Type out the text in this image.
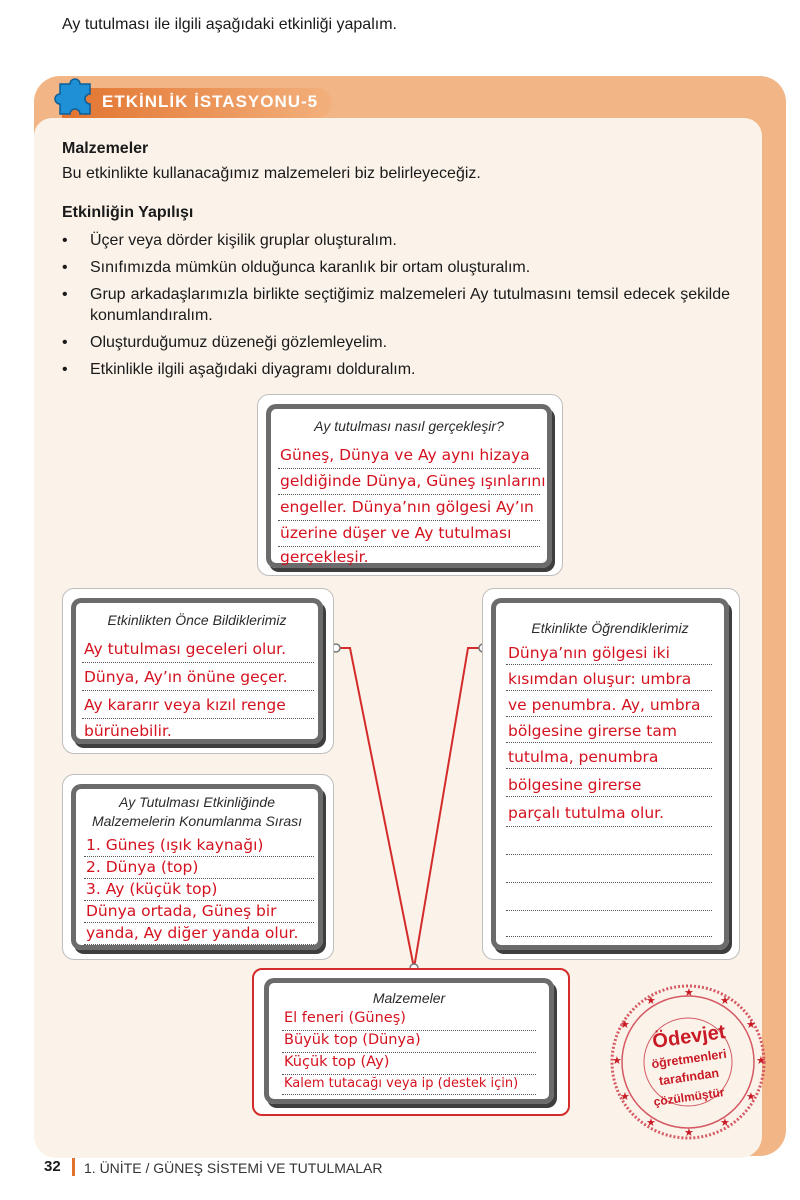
Ay tutulması ile ilgili aşağıdaki etkinliği yapalım.
ETKİNLİK İSTASYONU-5
Malzemeler
Bu etkinlikte kullanacağımız malzemeleri biz belirleyeceğiz.
Etkinliğin Yapılışı
• Üçer veya dörder kişilik gruplar oluşturalım.
• Sınıfımızda mümkün olduğunca karanlık bir ortam oluşturalım.
• Grup arkadaşlarımızla birlikte seçtiğimiz malzemeleri Ay tutulmasını temsil edecek şekilde konumlandıralım.
• Oluşturduğumuz düzeneği gözlemleyelim.
• Etkinlikle ilgili aşağıdaki diyagramı dolduralım.
Ay tutulması nasıl gerçekleşir?
Güneş, Dünya ve Ay aynı hizaya
geldiğinde Dünya, Güneş ışınlarını
engeller. Dünya’nın gölgesi Ay’ın
üzerine düşer ve Ay tutulması
gerçekleşir.
Etkinlikten Önce Bildiklerimiz
Ay tutulması geceleri olur.
Dünya, Ay’ın önüne geçer.
Ay kararır veya kızıl renge
bürünebilir.
Ay Tutulması Etkinliğinde
Malzemelerin Konumlanma Sırası
1. Güneş (ışık kaynağı)
2. Dünya (top)
3. Ay (küçük top)
Dünya ortada, Güneş bir
yanda, Ay diğer yanda olur.
Etkinlikte Öğrendiklerimiz
Dünya’nın gölgesi iki
kısımdan oluşur: umbra
ve penumbra. Ay, umbra
bölgesine girerse tam
tutulma, penumbra
bölgesine girerse
parçalı tutulma olur.
Malzemeler
El feneri (Güneş)
Büyük top (Dünya)
Küçük top (Ay)
Kalem tutacağı veya ip (destek için)
★
★
★
★
★
★
★
★
★
★
★
★
Ödevjet
öğretmenleri
tarafından
çözülmüştür
32 1. ÜNİTE / GÜNEŞ SİSTEMİ VE TUTULMALAR
